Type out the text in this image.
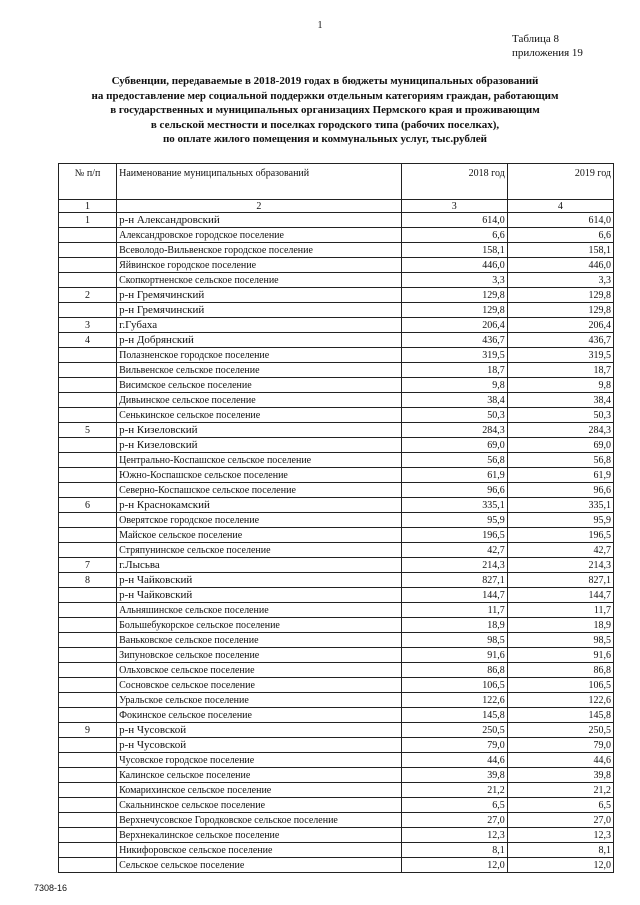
1
Таблица 8
приложения 19
Субвенции, передаваемые в 2018-2019 годах в бюджеты муниципальных образований
на предоставление мер социальной поддержки отдельным категориям граждан, работающим
в государственных и муниципальных организациях Пермского края и проживающим
в сельской местности и поселках городского типа (рабочих поселках),
по оплате жилого помещения и коммунальных услуг, тыс.рублей
№ п/п	Наименование муниципальных образований	2018 год	2019 год
1	2	3	4
1	р-н Александровский	614,0	614,0
	Александровское городское поселение	6,6	6,6
	Всеволодо-Вильвенское городское поселение	158,1	158,1
	Яйвинское городское поселение	446,0	446,0
	Скопкортненское сельское поселение	3,3	3,3
2	р-н Гремячинский	129,8	129,8
	р-н Гремячинский	129,8	129,8
3	г.Губаха	206,4	206,4
4	р-н Добрянский	436,7	436,7
	Полазненское городское поселение	319,5	319,5
	Вильвенское сельское поселение	18,7	18,7
	Висимское сельское поселение	9,8	9,8
	Дивьинское сельское поселение	38,4	38,4
	Сенькинское сельское поселение	50,3	50,3
5	р-н Кизеловский	284,3	284,3
	р-н Кизеловский	69,0	69,0
	Центрально-Коспашское сельское поселение	56,8	56,8
	Южно-Коспашское сельское поселение	61,9	61,9
	Северно-Коспашское сельское поселение	96,6	96,6
6	р-н Краснокамский	335,1	335,1
	Оверятское городское поселение	95,9	95,9
	Майское сельское поселение	196,5	196,5
	Стряпунинское сельское поселение	42,7	42,7
7	г.Лысьва	214,3	214,3
8	р-н Чайковский	827,1	827,1
	р-н Чайковский	144,7	144,7
	Альняшинское сельское поселение	11,7	11,7
	Большебукорское сельское поселение	18,9	18,9
	Ваньковское сельское поселение	98,5	98,5
	Зипуновское сельское поселение	91,6	91,6
	Ольховское сельское поселение	86,8	86,8
	Сосновское сельское поселение	106,5	106,5
	Уральское сельское поселение	122,6	122,6
	Фокинское сельское поселение	145,8	145,8
9	р-н Чусовской	250,5	250,5
	р-н Чусовской	79,0	79,0
	Чусовское городское поселение	44,6	44,6
	Калинское сельское поселение	39,8	39,8
	Комарихинское сельское поселение	21,2	21,2
	Скальнинское сельское поселение	6,5	6,5
	Верхнечусовское Городковское сельское поселение	27,0	27,0
	Верхнекалинское сельское поселение	12,3	12,3
	Никифоровское сельское поселение	8,1	8,1
	Сельское сельское поселение	12,0	12,0
7308-16
